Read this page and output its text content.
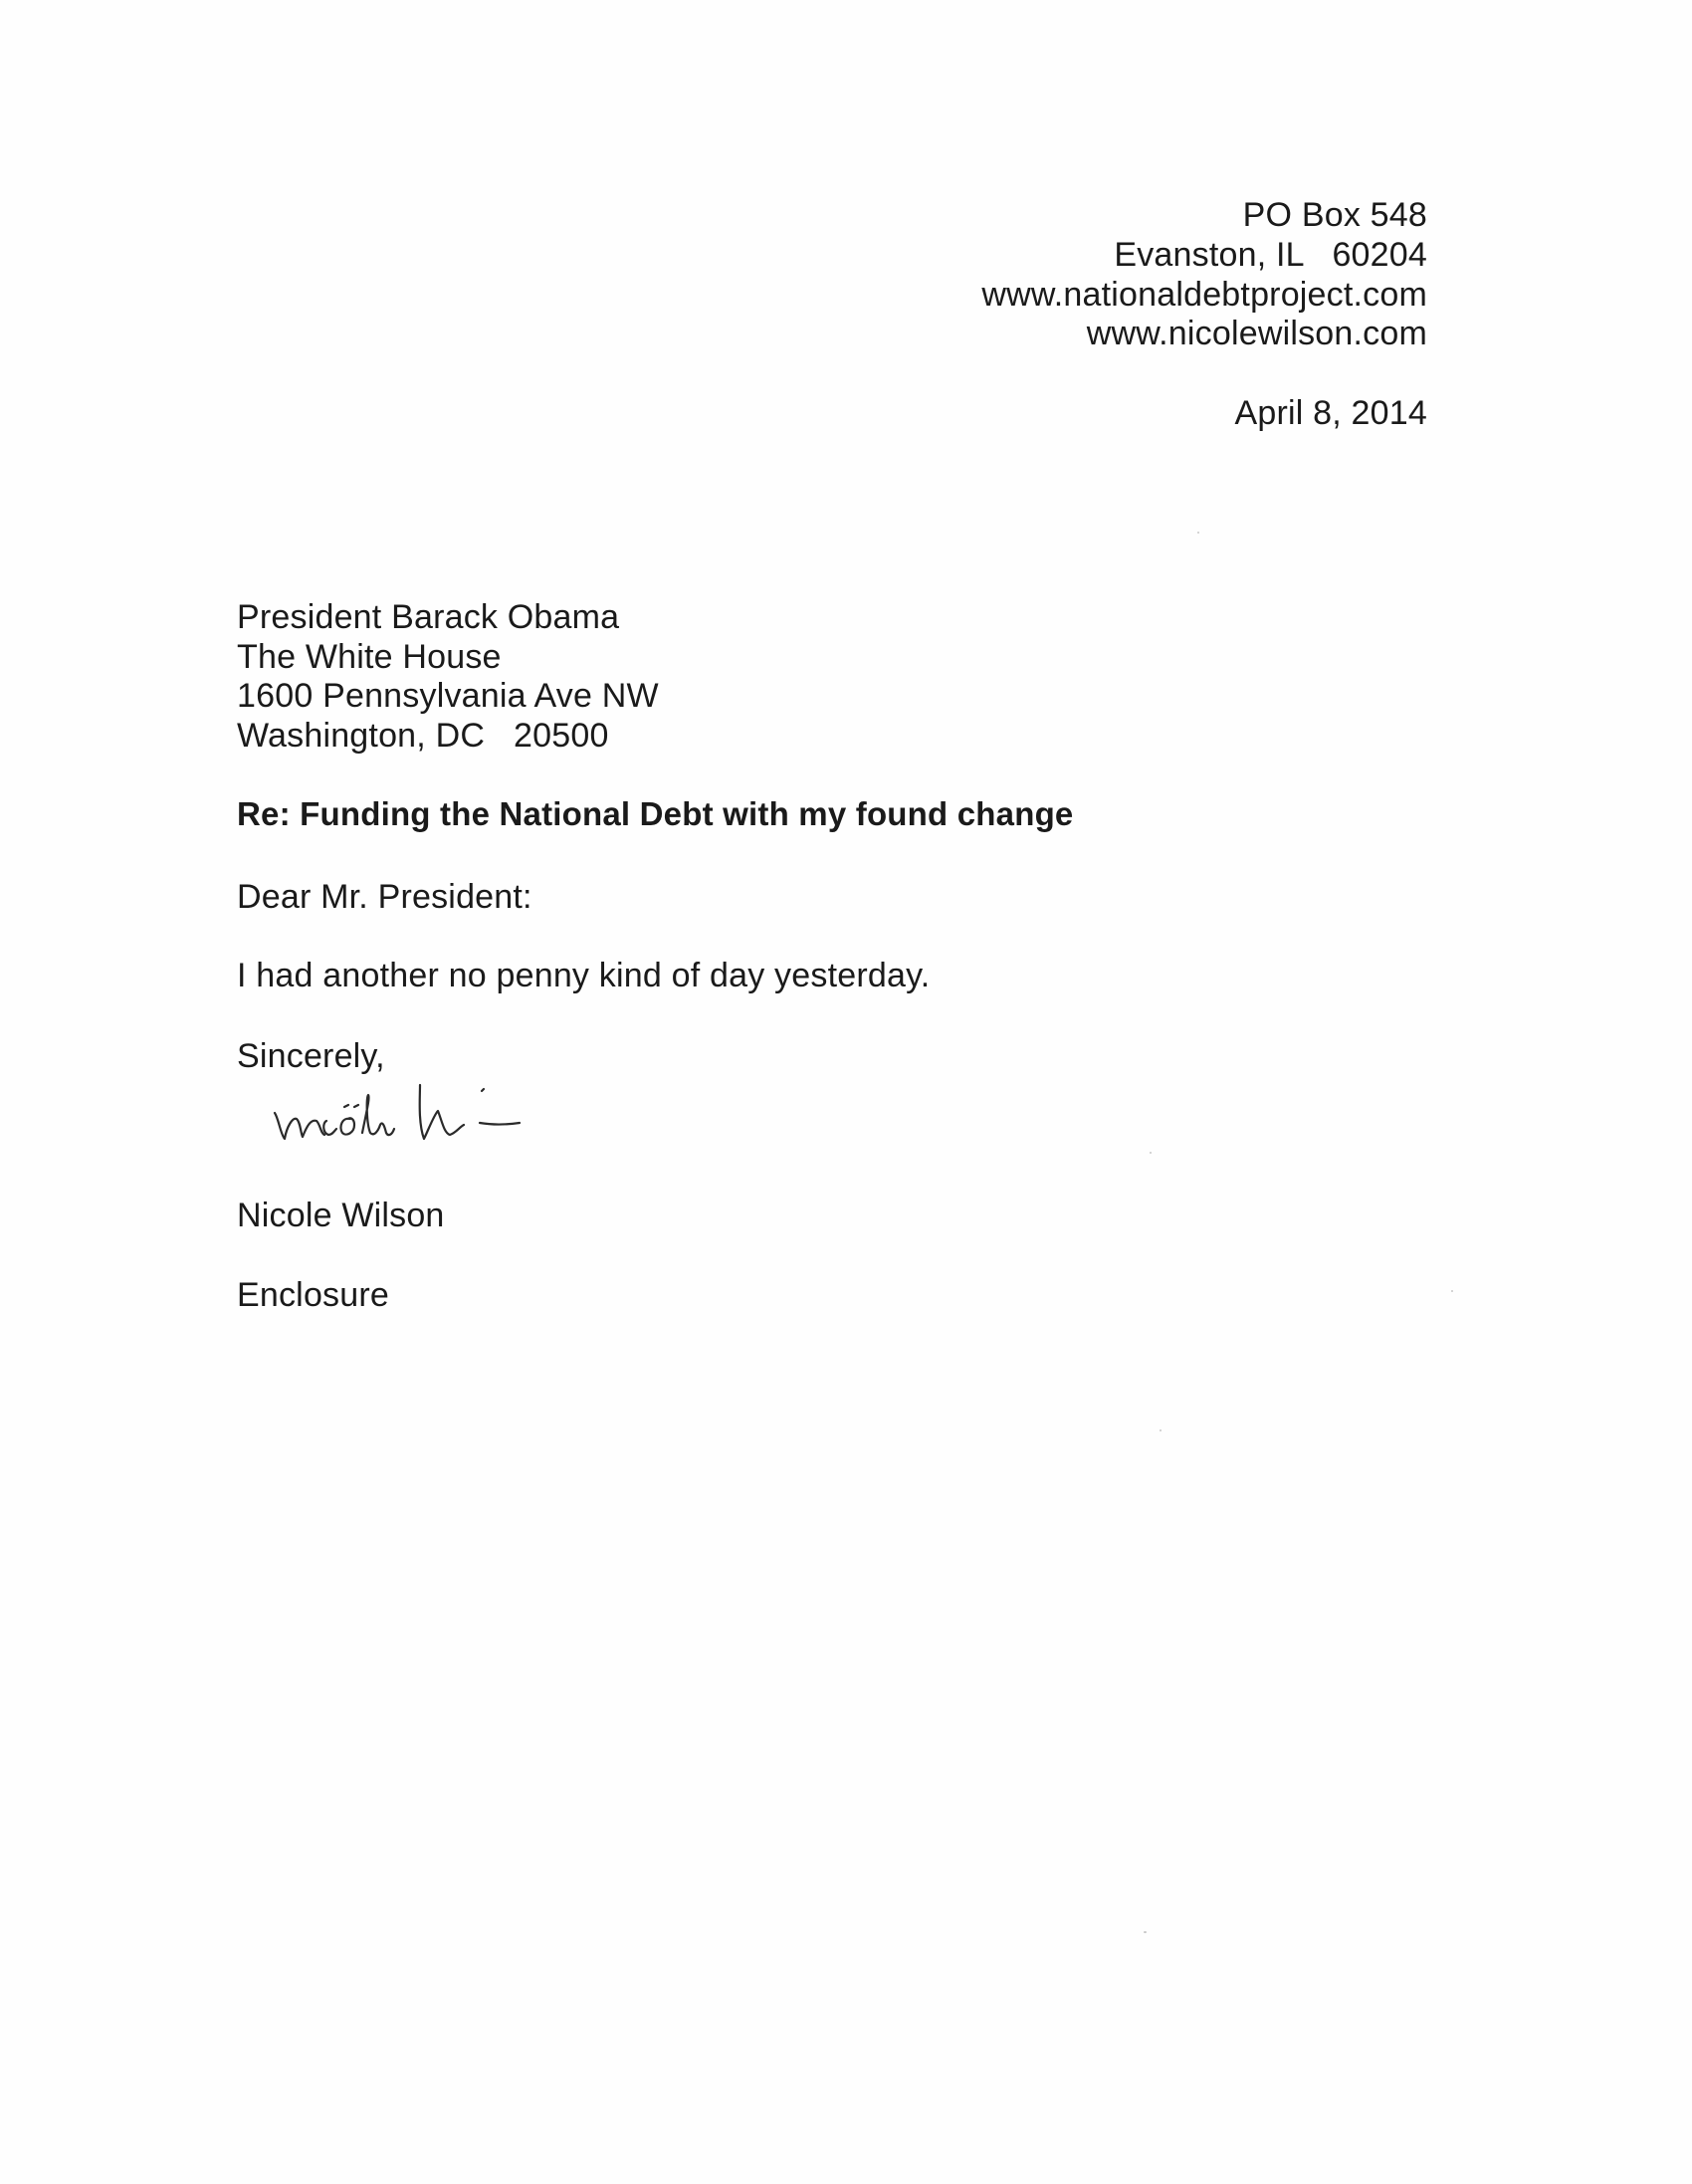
PO Box 548
Evanston, IL   60204
www.nationaldebtproject.com
www.nicolewilson.com
April 8, 2014
President Barack Obama
The White House
1600 Pennsylvania Ave NW
Washington, DC   20500
Re: Funding the National Debt with my found change
Dear Mr. President:
I had another no penny kind of day yesterday.
Sincerely,
Nicole Wilson
Enclosure
